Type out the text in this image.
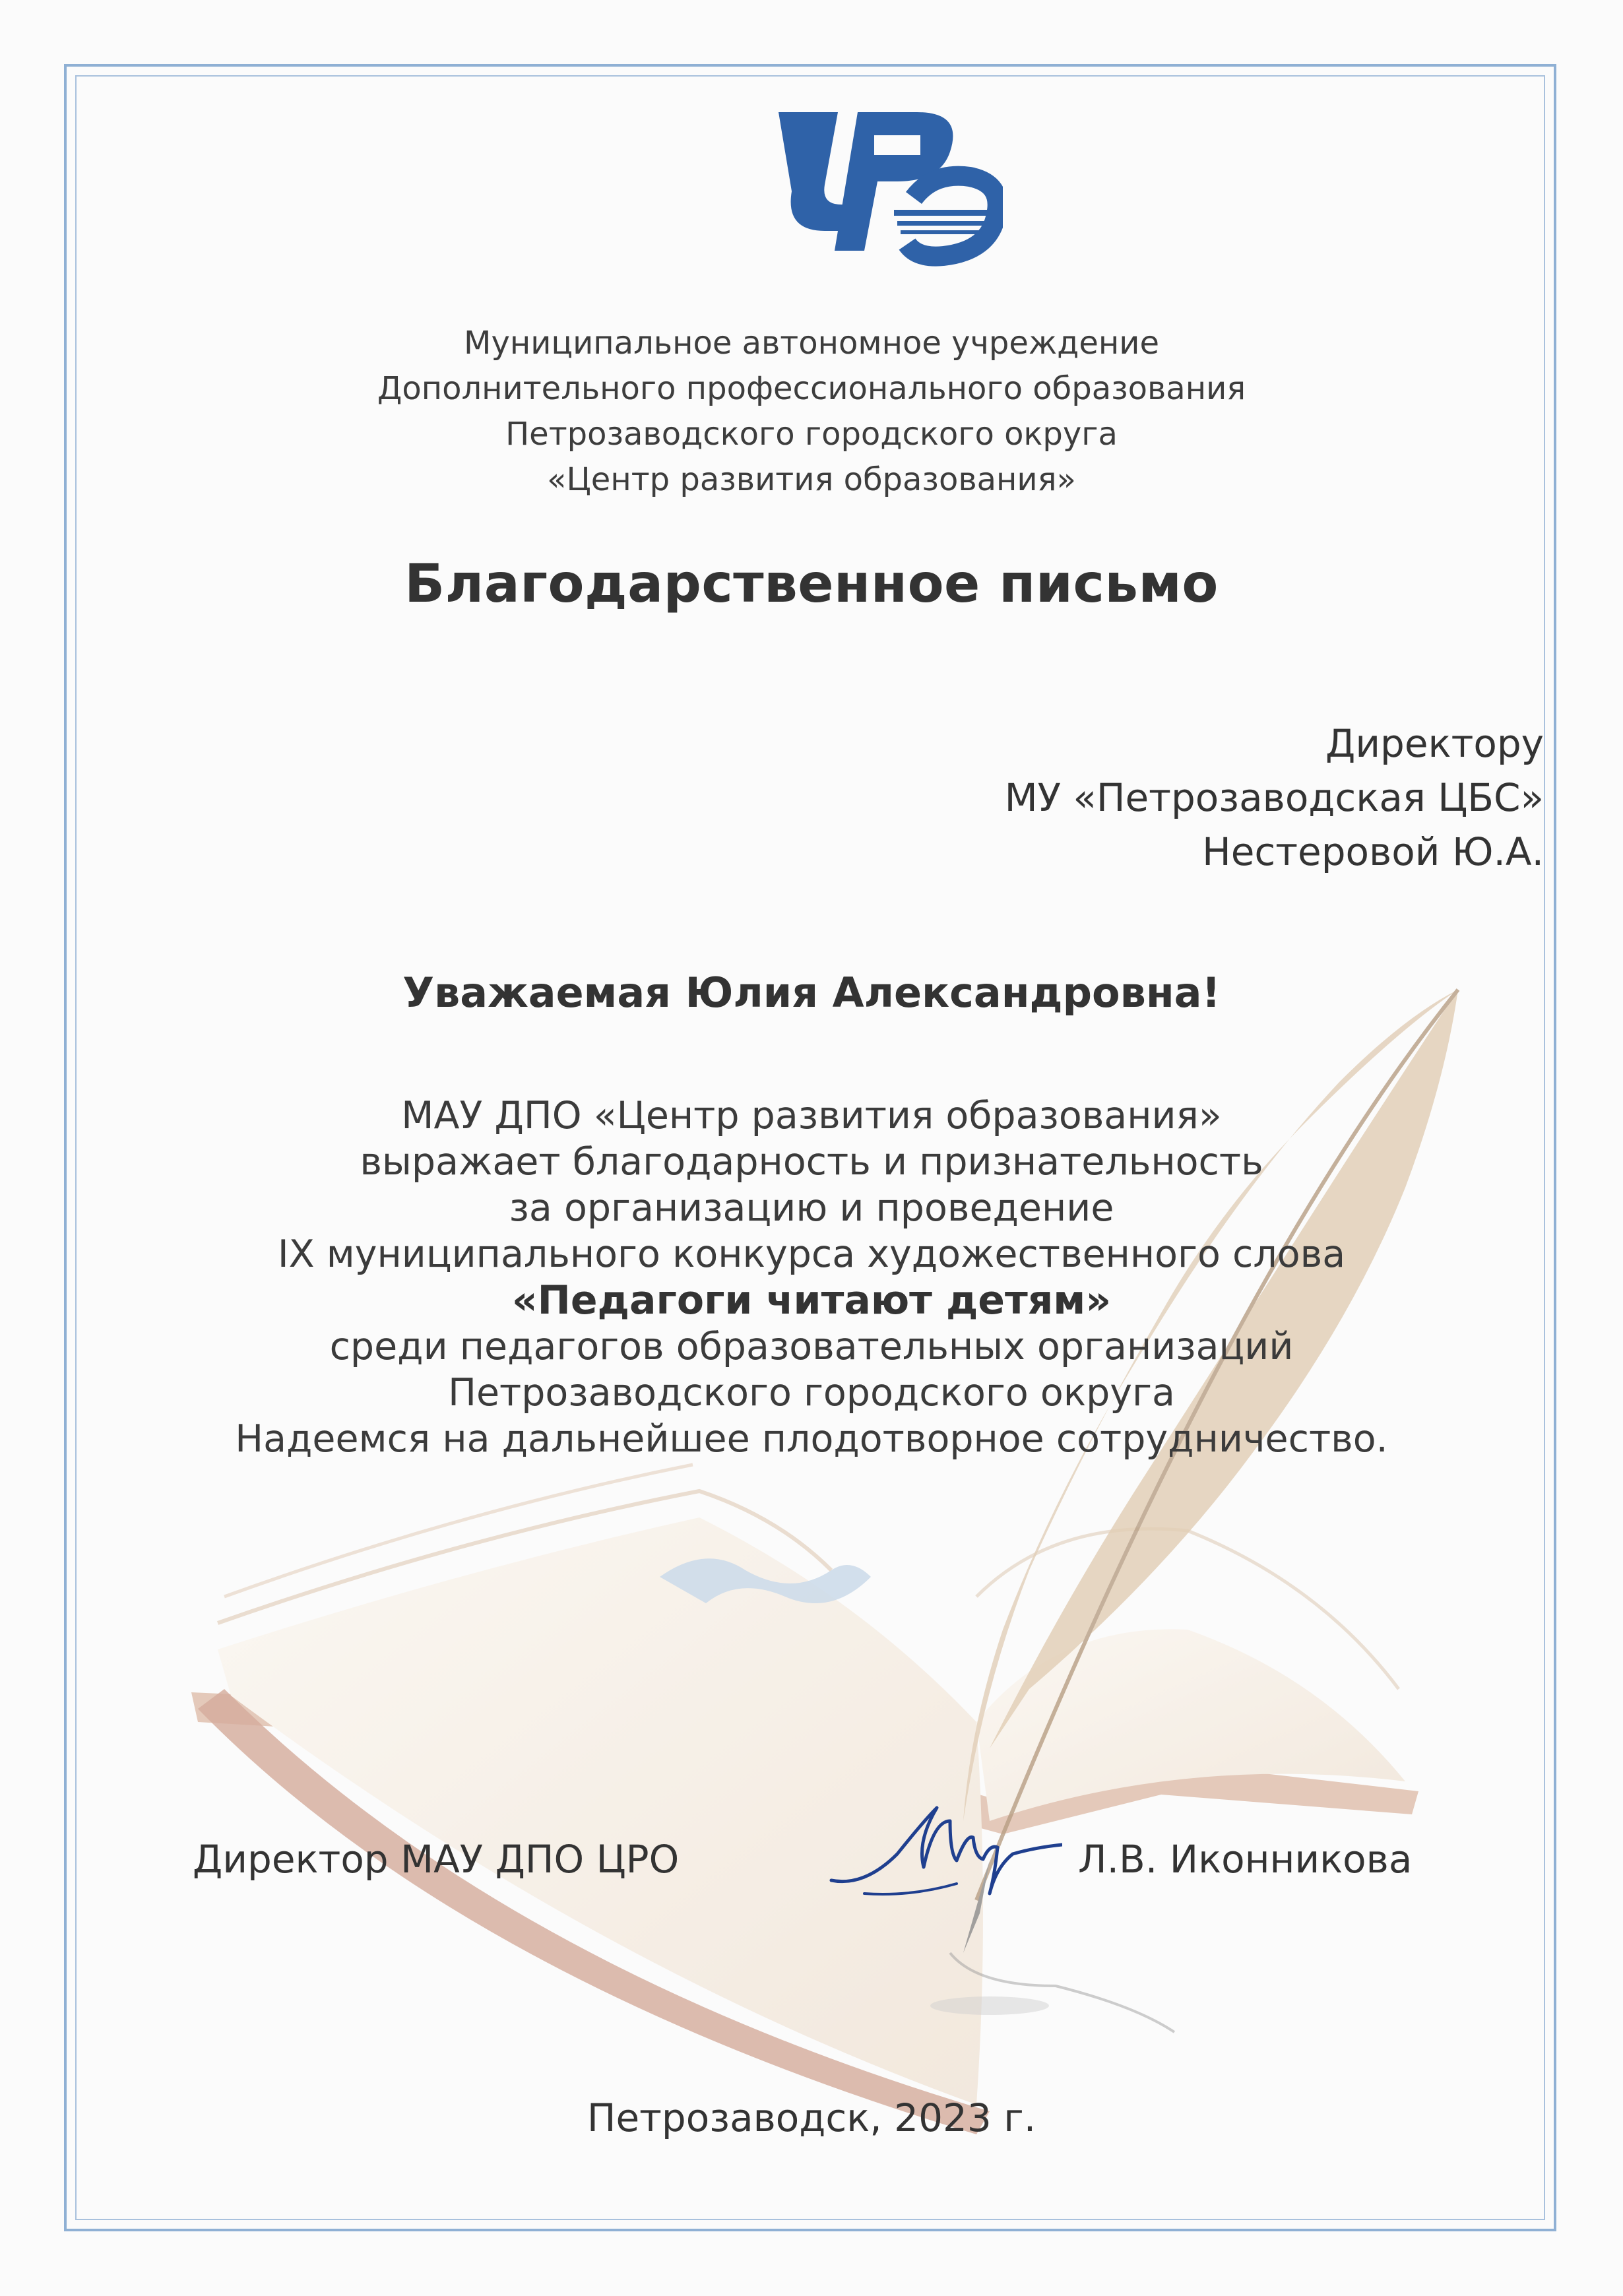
Муниципальное автономное учреждение
Дополнительного профессионального образования
Петрозаводского городского округа
«Центр развития образования»
Благодарственное письмо
Директору
МУ «Петрозаводская ЦБС»
Нестеровой Ю.А.
Уважаемая Юлия Александровна!
МАУ ДПО «Центр развития образования»
выражает благодарность и признательность
за организацию и проведение
IX муниципального конкурса художественного слова
«Педагоги читают детям»
среди педагогов образовательных организаций
Петрозаводского городского округа
Надеемся на дальнейшее плодотворное сотрудничество.
Директор МАУ ДПО ЦРО	Л.В. Иконникова
Петрозаводск, 2023 г.
